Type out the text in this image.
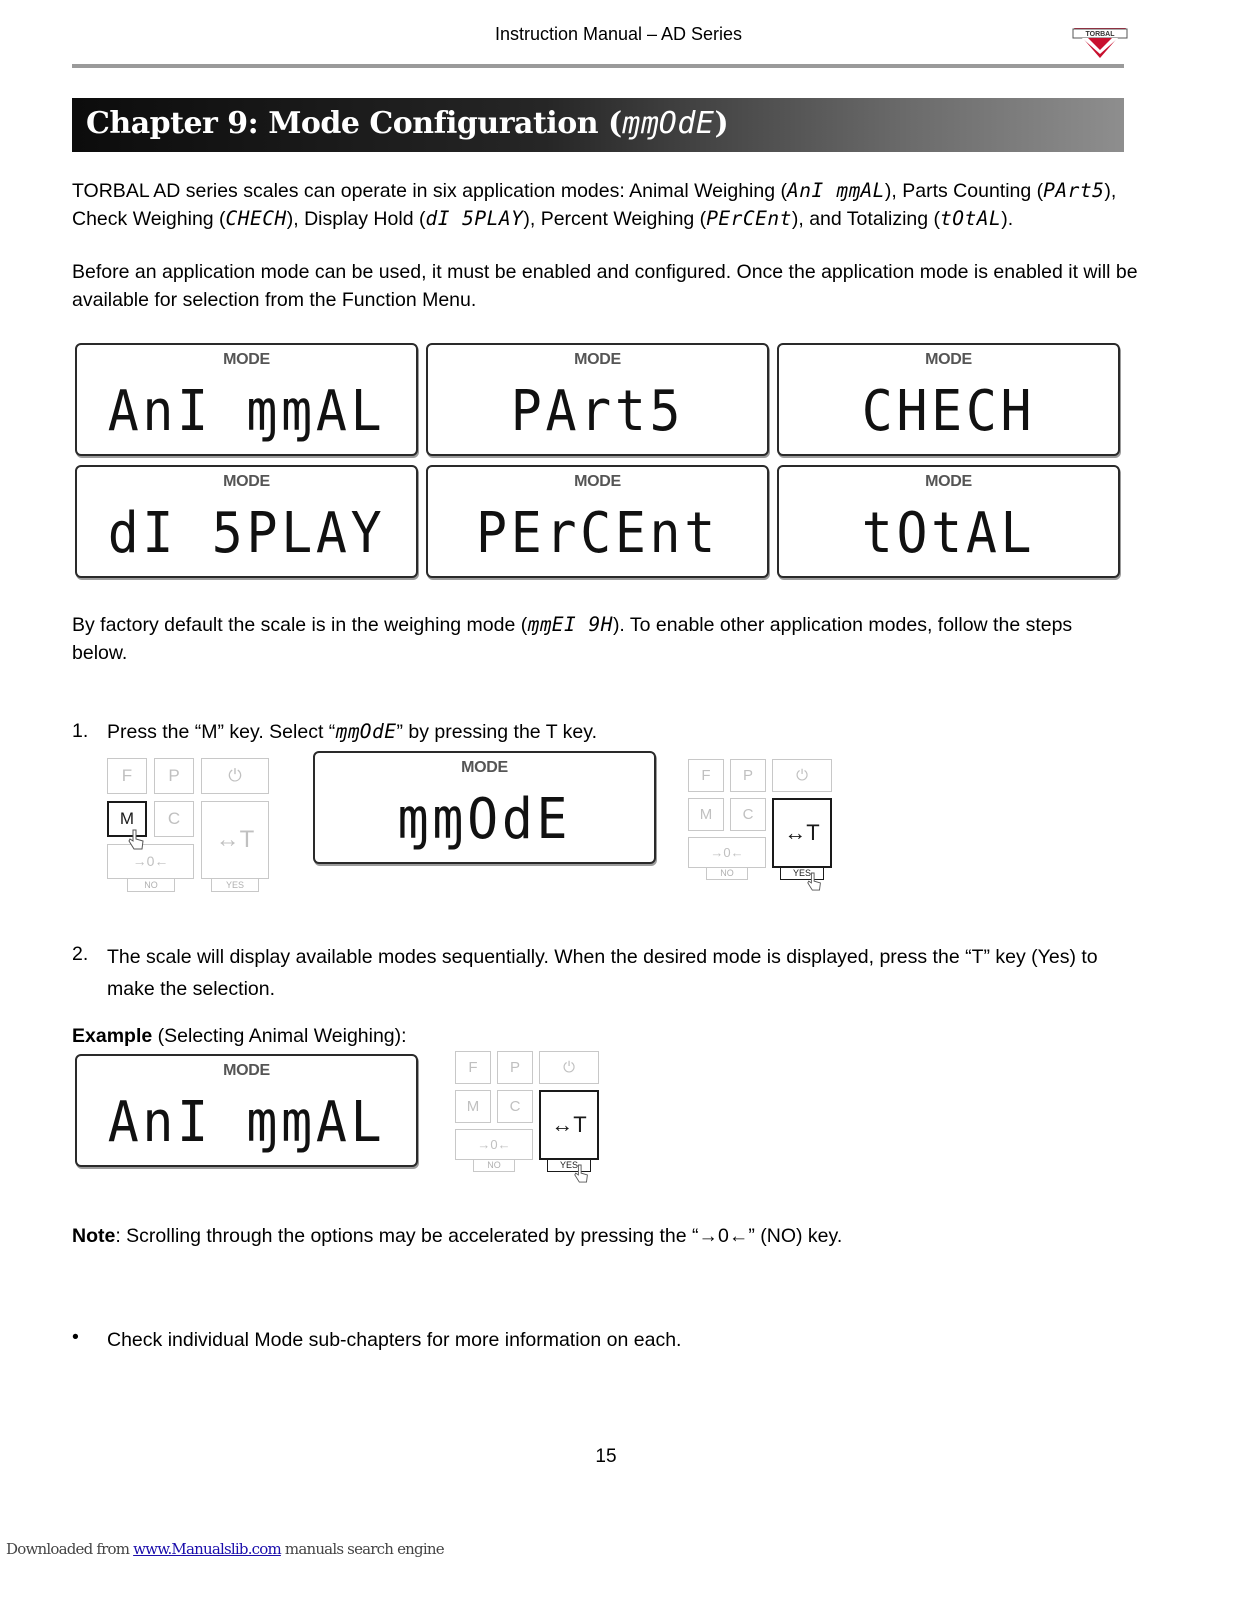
Instruction Manual – AD Series	TORBAL
Chapter 9: Mode Configuration (ɱɱOdE)
TORBAL AD series scales can operate in six application modes: Animal Weighing (AnI ɱɱAL), Parts Counting (PArt5),
Check Weighing (CHECH), Display Hold (dI 5PLAY), Percent Weighing (PErCEnt), and Totalizing (tOtAL).
Before an application mode can be used, it must be enabled and configured. Once the application mode is enabled it will be available for selection from the Function Menu.
MODE
AnI ɱɱAL
MODE
PArt5
MODE
CHECH
MODE
dI 5PLAY
MODE
PErCEnt
MODE
tOtAL
By factory default the scale is in the weighing mode (ɱɱEI 9H). To enable other application modes, follow the steps below.
1. Press the “M” key. Select “ɱɱOdE” by pressing the T key.
F	P	⏻
M	C
↔T
→0←
NO	YES
MODE
ɱɱOdE
F	P	⏻
M	C
↔T
→0←
NO	YES
2. The scale will display available modes sequentially. When the desired mode is displayed, press the “T” key (Yes) to make the selection.
Example (Selecting Animal Weighing):
MODE
AnI ɱɱAL
F	P	⏻
M	C
↔T
→0←
NO	YES
Note: Scrolling through the options may be accelerated by pressing the “→0←” (NO) key.
• Check individual Mode sub-chapters for more information on each.
15
Downloaded from www.Manualslib.com manuals search engine
